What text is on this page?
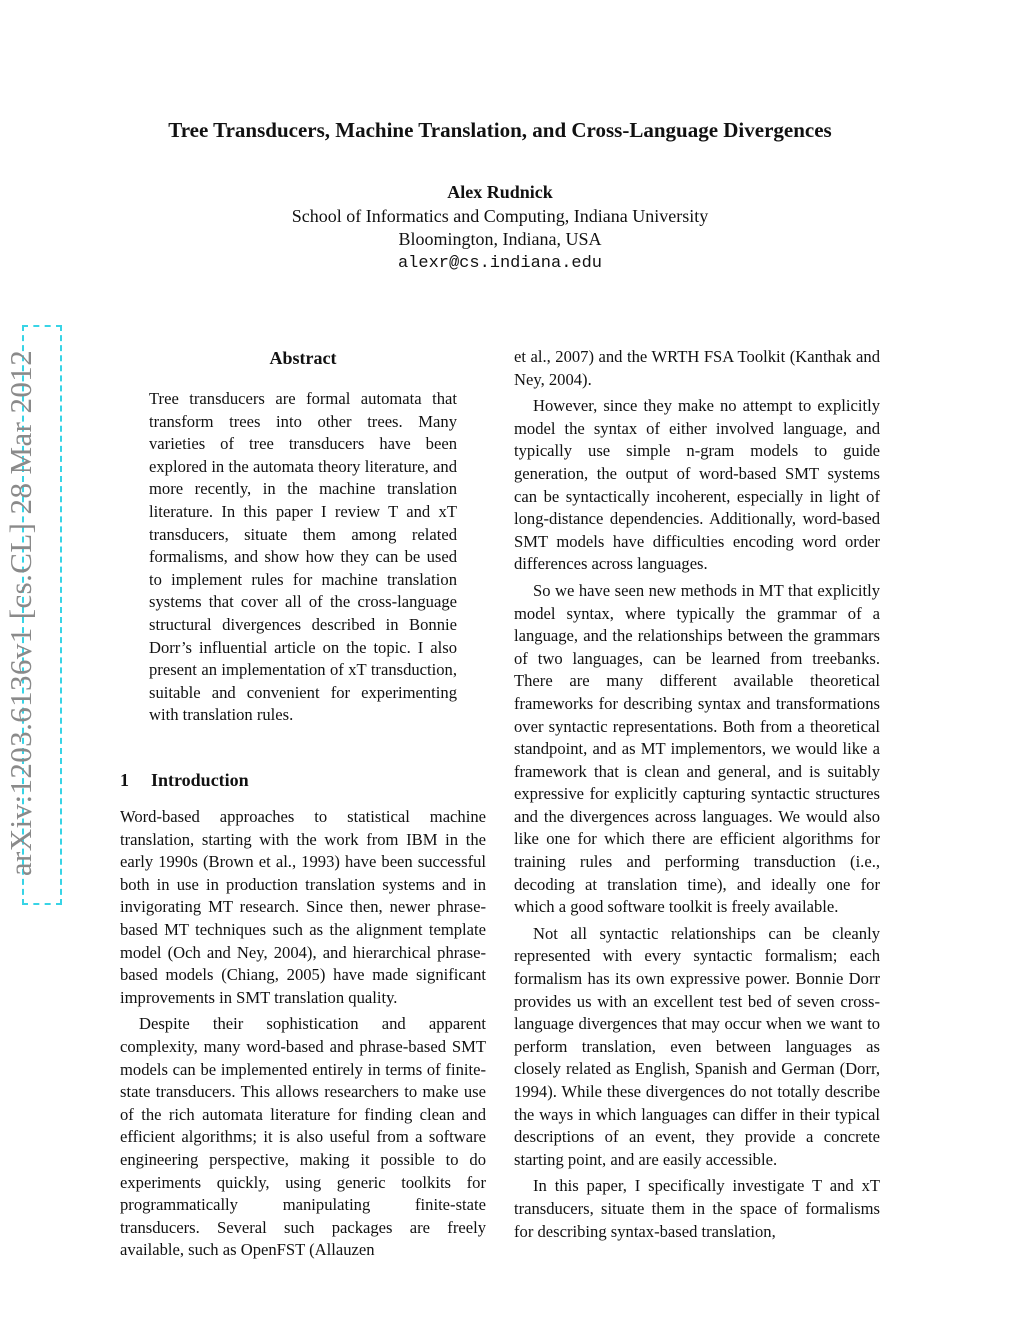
Tree Transducers, Machine Translation, and Cross-Language Divergences
Alex Rudnick
School of Informatics and Computing, Indiana University
Bloomington, Indiana, USA
alexr@cs.indiana.edu
arXiv:1203.6136v1 [cs.CL] 28 Mar 2012	Abstract
Tree transducers are formal automata that transform trees into other trees. Many varieties of tree transducers have been explored in the automata theory literature, and more recently, in the machine translation literature. In this paper I review T and xT transducers, situate them among related formalisms, and show how they can be used to implement rules for machine translation systems that cover all of the cross-language structural divergences described in Bonnie Dorr’s influential article on the topic. I also present an implementation of xT transduction, suitable and convenient for experimenting with translation rules.
1 Introduction

Word-based approaches to statistical machine translation, starting with the work from IBM in the early 1990s (Brown et al., 1993) have been successful both in use in production translation systems and in invigorating MT research. Since then, newer phrase-based MT techniques such as the alignment template model (Och and Ney, 2004), and hierarchical phrase-based models (Chiang, 2005) have made significant improvements in SMT translation quality.

Despite their sophistication and apparent complexity, many word-based and phrase-based SMT models can be implemented entirely in terms of finite-state transducers. This allows researchers to make use of the rich automata literature for finding clean and efficient algorithms; it is also useful from a software engineering perspective, making it possible to do experiments quickly, using generic toolkits for programmatically manipulating finite-state transducers. Several such packages are freely available, such as OpenFST (Allauzen

et al., 2007) and the WRTH FSA Toolkit (Kanthak and Ney, 2004).

However, since they make no attempt to explicitly model the syntax of either involved language, and typically use simple n-gram models to guide generation, the output of word-based SMT systems can be syntactically incoherent, especially in light of long-distance dependencies. Additionally, word-based SMT models have difficulties encoding word order differences across languages.

So we have seen new methods in MT that explicitly model syntax, where typically the grammar of a language, and the relationships between the grammars of two languages, can be learned from treebanks. There are many different available theoretical frameworks for describing syntax and transformations over syntactic representations. Both from a theoretical standpoint, and as MT implementors, we would like a framework that is clean and general, and is suitably expressive for explicitly capturing syntactic structures and the divergences across languages. We would also like one for which there are efficient algorithms for training rules and performing transduction (i.e., decoding at translation time), and ideally one for which a good software toolkit is freely available.

Not all syntactic relationships can be cleanly represented with every syntactic formalism; each formalism has its own expressive power. Bonnie Dorr provides us with an excellent test bed of seven cross-language divergences that may occur when we want to perform translation, even between languages as closely related as English, Spanish and German (Dorr, 1994). While these divergences do not totally describe the ways in which languages can differ in their typical descriptions of an event, they provide a concrete starting point, and are easily accessible.

In this paper, I specifically investigate T and xT transducers, situate them in the space of formalisms for describing syntax-based translation,
